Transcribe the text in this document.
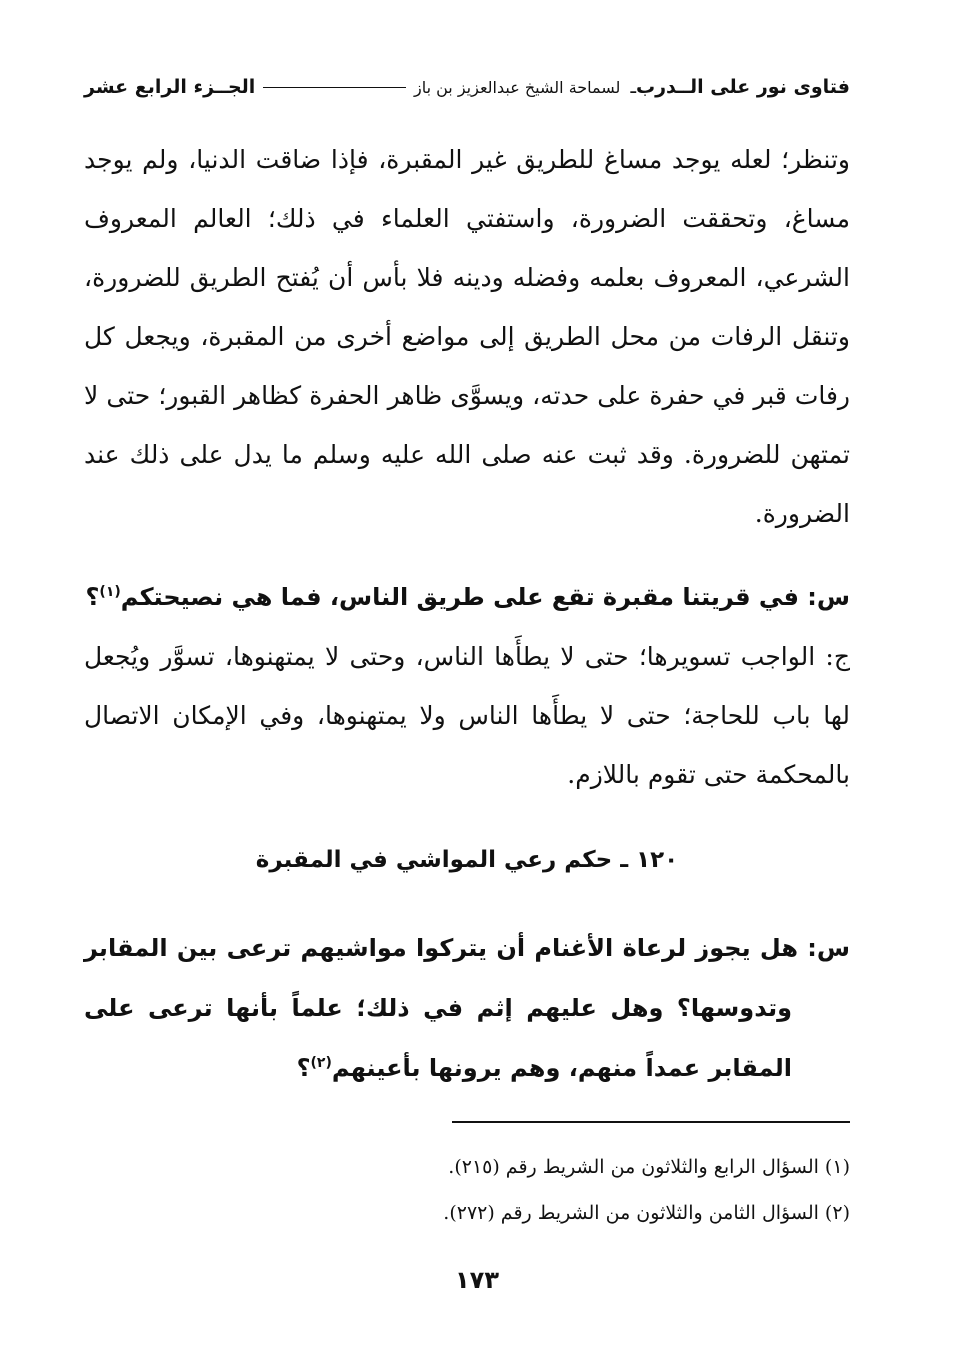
فتاوى نور على الــدرب
ـ
لسماحة الشيخ عبدالعزيز بن باز
الجــزء الرابع عشر

وتنظر؛ لعله يوجد مساغ للطريق غير المقبرة، فإذا ضاقت الدنيا، ولم يوجد مساغ، وتحققت الضرورة، واستفتي العلماء في ذلك؛ العالم المعروف الشرعي، المعروف بعلمه وفضله ودينه فلا بأس أن يُفتح الطريق للضرورة، وتنقل الرفات من محل الطريق إلى مواضع أخرى من المقبرة، ويجعل كل رفات قبر في حفرة على حدته، ويسوَّى ظاهر الحفرة كظاهر القبور؛ حتى لا تمتهن للضرورة. وقد ثبت عنه صلى الله عليه وسلم ما يدل على ذلك عند الضرورة.

س: في قريتنا مقبرة تقع على طريق الناس، فما هي نصيحتكم$^{(١)}$؟

ج: الواجب تسويرها؛ حتى لا يطأَها الناس، وحتى لا يمتهنوها، تسوَّر ويُجعل لها باب للحاجة؛ حتى لا يطأَها الناس ولا يمتهنوها، وفي الإمكان الاتصال بالمحكمة حتى تقوم باللازم.

١٢٠ ـ حكم رعي المواشي في المقبرة

س: هل يجوز لرعاة الأغنام أن يتركوا مواشيهم ترعى بين المقابر وتدوسها؟ وهل عليهم إثم في ذلك؛ علماً بأنها ترعى على المقابر عمداً منهم، وهم يرونها بأعينهم$^{(٢)}$؟

(١) السؤال الرابع والثلاثون من الشريط رقم (٢١٥).
(٢) السؤال الثامن والثلاثون من الشريط رقم (٢٧٢).
١٧٣
